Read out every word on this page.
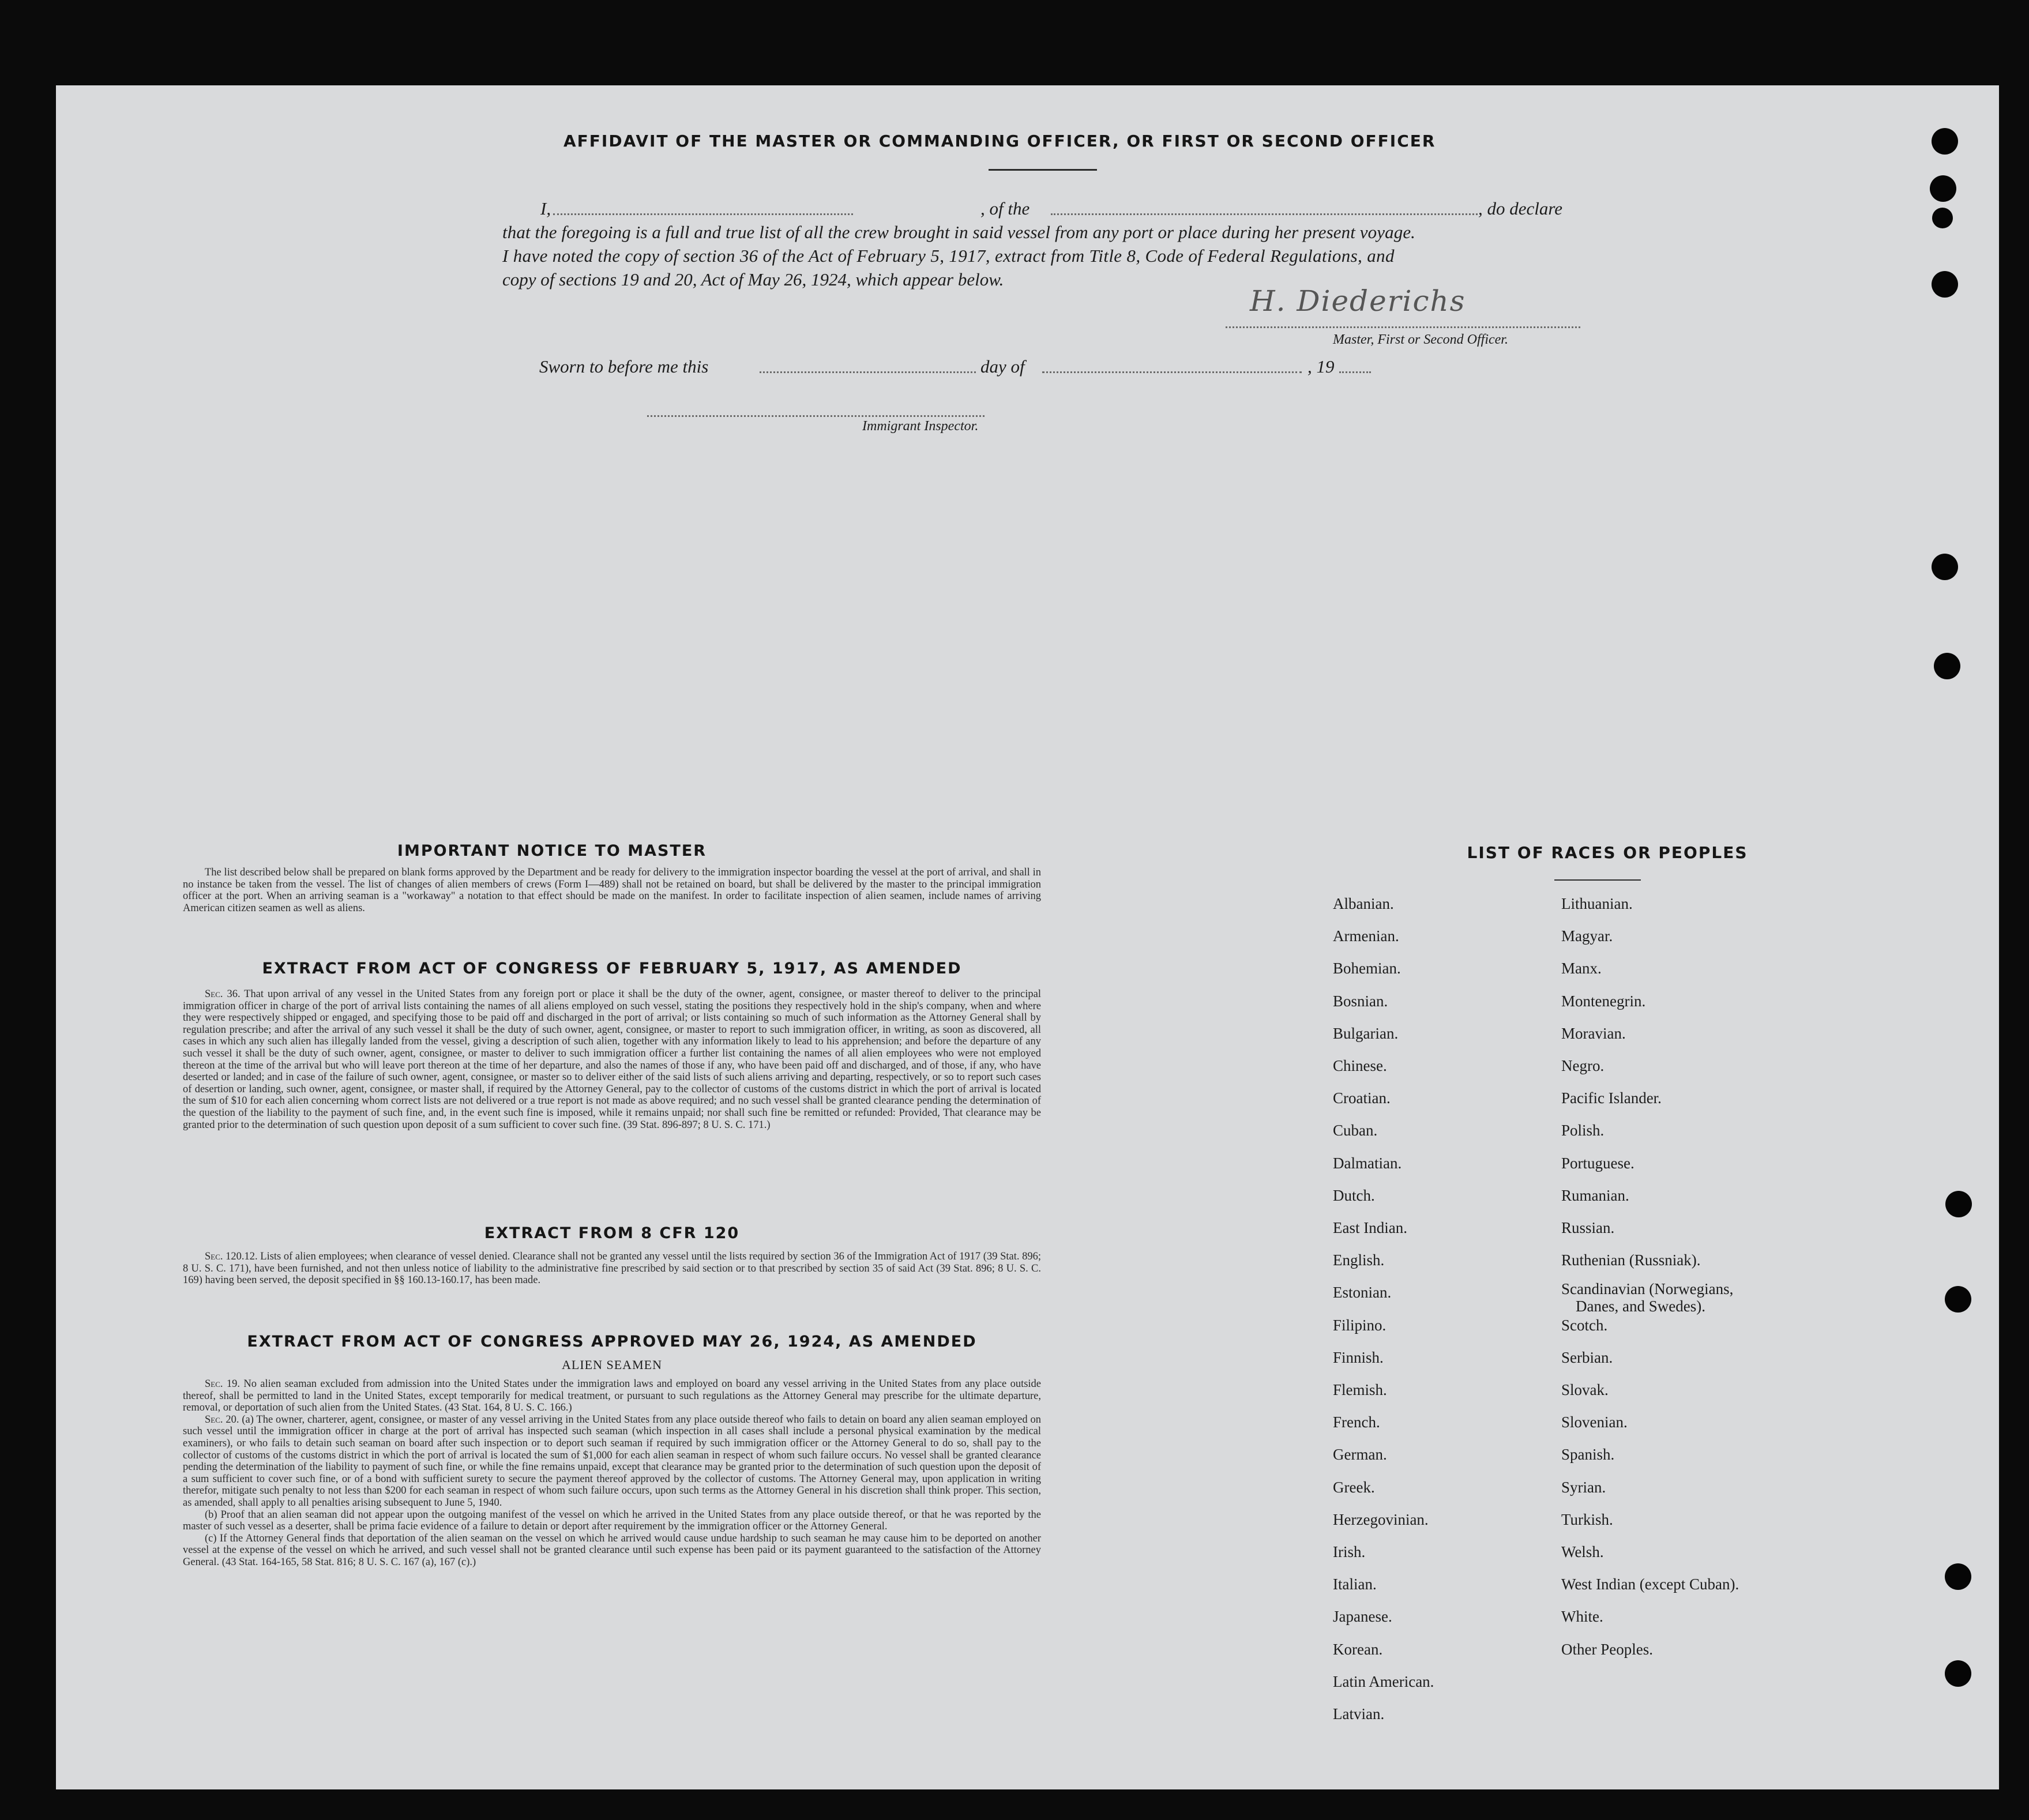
AFFIDAVIT OF THE MASTER OR COMMANDING OFFICER, OR FIRST OR SECOND OFFICER
I,	, of the	, do declare
that the foregoing is a full and true list of all the crew brought in said vessel from any port or place during her present voyage.
I have noted the copy of section 36 of the Act of February 5, 1917, extract from Title 8, Code of Federal Regulations, and
copy of sections 19 and 20, Act of May 26, 1924, which appear below.
H. Diederichs
Master, First or Second Officer.
Sworn to before me this	day of	, 19
Immigrant Inspector.
IMPORTANT NOTICE TO MASTER

The list described below shall be prepared on blank forms approved by the Department and be ready for delivery to the immigration inspector boarding the vessel at the port of arrival, and shall in no instance be taken from the vessel. The list of changes of alien members of crews (Form I—489) shall not be retained on board, but shall be delivered by the master to the principal immigration officer at the port. When an arriving seaman is a "workaway" a notation to that effect should be made on the manifest. In order to facilitate inspection of alien seamen, include names of arriving American citizen seamen as well as aliens.

EXTRACT FROM ACT OF CONGRESS OF FEBRUARY 5, 1917, AS AMENDED

Sec. 36. That upon arrival of any vessel in the United States from any foreign port or place it shall be the duty of the owner, agent, consignee, or master thereof to deliver to the principal immigration officer in charge of the port of arrival lists containing the names of all aliens employed on such vessel, stating the positions they respectively hold in the ship's company, when and where they were respectively shipped or engaged, and specifying those to be paid off and discharged in the port of arrival; or lists containing so much of such information as the Attorney General shall by regulation prescribe; and after the arrival of any such vessel it shall be the duty of such owner, agent, consignee, or master to report to such immigration officer, in writing, as soon as discovered, all cases in which any such alien has illegally landed from the vessel, giving a description of such alien, together with any information likely to lead to his apprehension; and before the departure of any such vessel it shall be the duty of such owner, agent, consignee, or master to deliver to such immigration officer a further list containing the names of all alien employees who were not employed thereon at the time of the arrival but who will leave port thereon at the time of her departure, and also the names of those if any, who have been paid off and discharged, and of those, if any, who have deserted or landed; and in case of the failure of such owner, agent, consignee, or master so to deliver either of the said lists of such aliens arriving and departing, respectively, or so to report such cases of desertion or landing, such owner, agent, consignee, or master shall, if required by the Attorney General, pay to the collector of customs of the customs district in which the port of arrival is located the sum of $10 for each alien concerning whom correct lists are not delivered or a true report is not made as above required; and no such vessel shall be granted clearance pending the determination of the question of the liability to the payment of such fine, and, in the event such fine is imposed, while it remains unpaid; nor shall such fine be remitted or refunded: Provided, That clearance may be granted prior to the determination of such question upon deposit of a sum sufficient to cover such fine. (39 Stat. 896-897; 8 U. S. C. 171.)

EXTRACT FROM 8 CFR 120

Sec. 120.12. Lists of alien employees; when clearance of vessel denied. Clearance shall not be granted any vessel until the lists required by section 36 of the Immigration Act of 1917 (39 Stat. 896; 8 U. S. C. 171), have been furnished, and not then unless notice of liability to the administrative fine prescribed by said section or to that prescribed by section 35 of said Act (39 Stat. 896; 8 U. S. C. 169) having been served, the deposit specified in §§ 160.13-160.17, has been made.

EXTRACT FROM ACT OF CONGRESS APPROVED MAY 26, 1924, AS AMENDED
ALIEN SEAMEN

Sec. 19. No alien seaman excluded from admission into the United States under the immigration laws and employed on board any vessel arriving in the United States from any place outside thereof, shall be permitted to land in the United States, except temporarily for medical treatment, or pursuant to such regulations as the Attorney General may prescribe for the ultimate departure, removal, or deportation of such alien from the United States. (43 Stat. 164, 8 U. S. C. 166.)

Sec. 20. (a) The owner, charterer, agent, consignee, or master of any vessel arriving in the United States from any place outside thereof who fails to detain on board any alien seaman employed on such vessel until the immigration officer in charge at the port of arrival has inspected such seaman (which inspection in all cases shall include a personal physical examination by the medical examiners), or who fails to detain such seaman on board after such inspection or to deport such seaman if required by such immigration officer or the Attorney General to do so, shall pay to the collector of customs of the customs district in which the port of arrival is located the sum of $1,000 for each alien seaman in respect of whom such failure occurs. No vessel shall be granted clearance pending the determination of the liability to payment of such fine, or while the fine remains unpaid, except that clearance may be granted prior to the determination of such question upon the deposit of a sum sufficient to cover such fine, or of a bond with sufficient surety to secure the payment thereof approved by the collector of customs. The Attorney General may, upon application in writing therefor, mitigate such penalty to not less than $200 for each seaman in respect of whom such failure occurs, upon such terms as the Attorney General in his discretion shall think proper. This section, as amended, shall apply to all penalties arising subsequent to June 5, 1940.

(b) Proof that an alien seaman did not appear upon the outgoing manifest of the vessel on which he arrived in the United States from any place outside thereof, or that he was reported by the master of such vessel as a deserter, shall be prima facie evidence of a failure to detain or deport after requirement by the immigration officer or the Attorney General.

(c) If the Attorney General finds that deportation of the alien seaman on the vessel on which he arrived would cause undue hardship to such seaman he may cause him to be deported on another vessel at the expense of the vessel on which he arrived, and such vessel shall not be granted clearance until such expense has been paid or its payment guaranteed to the satisfaction of the Attorney General. (43 Stat. 164-165, 58 Stat. 816; 8 U. S. C. 167 (a), 167 (c).)

LIST OF RACES OR PEOPLES
Albanian.
Armenian.
Bohemian.
Bosnian.
Bulgarian.
Chinese.
Croatian.
Cuban.
Dalmatian.
Dutch.
East Indian.
English.
Estonian.
Filipino.
Finnish.
Flemish.
French.
German.
Greek.
Herzegovinian.
Irish.
Italian.
Japanese.
Korean.
Latin American.
Latvian.
Lithuanian.
Magyar.
Manx.
Montenegrin.
Moravian.
Negro.
Pacific Islander.
Polish.
Portuguese.
Rumanian.
Russian.
Ruthenian (Russniak).
Scandinavian (Norwegians,
Danes, and Swedes).
Scotch.
Serbian.
Slovak.
Slovenian.
Spanish.
Syrian.
Turkish.
Welsh.
West Indian (except Cuban).
White.
Other Peoples.
